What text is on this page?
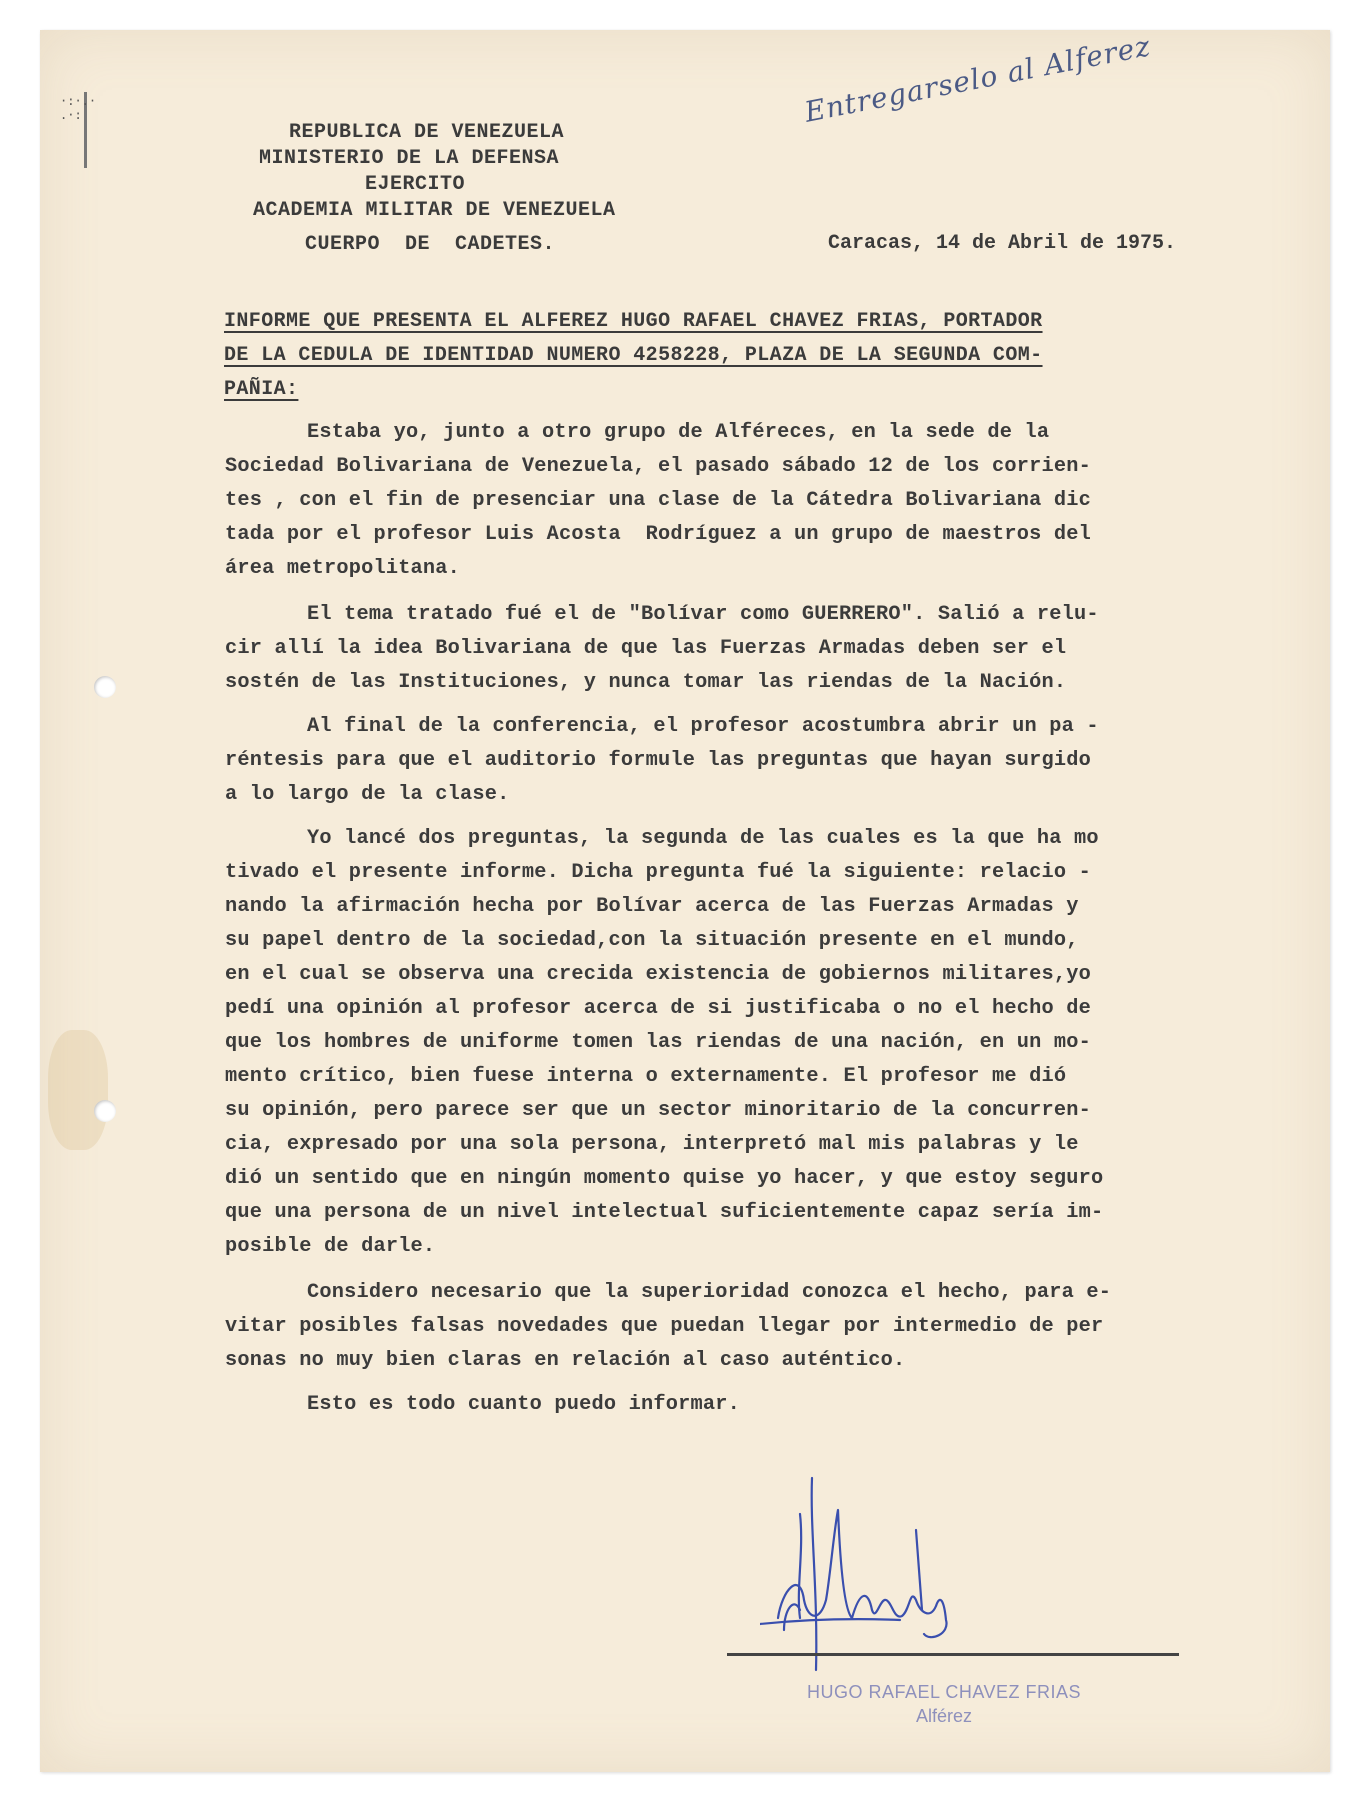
·:·.·
.·:
REPUBLICA DE VENEZUELA
MINISTERIO DE LA DEFENSA
EJERCITO
ACADEMIA MILITAR DE VENEZUELA
CUERPO  DE  CADETES.	Caracas, 14 de Abril de 1975.
Entregarselo al Alferez
INFORME QUE PRESENTA EL ALFEREZ HUGO RAFAEL CHAVEZ FRIAS, PORTADOR
DE LA CEDULA DE IDENTIDAD NUMERO 4258228, PLAZA DE LA SEGUNDA COM-
PAÑIA:
Estaba yo, junto a otro grupo de Alféreces, en la sede de la
Sociedad Bolivariana de Venezuela, el pasado sábado 12 de los corrien-
tes , con el fin de presenciar una clase de la Cátedra Bolivariana dic
tada por el profesor Luis Acosta  Rodríguez a un grupo de maestros del
área metropolitana.
El tema tratado fué el de "Bolívar como GUERRERO". Salió a relu-
cir allí la idea Bolivariana de que las Fuerzas Armadas deben ser el
sostén de las Instituciones, y nunca tomar las riendas de la Nación.
Al final de la conferencia, el profesor acostumbra abrir un pa -
réntesis para que el auditorio formule las preguntas que hayan surgido
a lo largo de la clase.
Yo lancé dos preguntas, la segunda de las cuales es la que ha mo
tivado el presente informe. Dicha pregunta fué la siguiente: relacio -
nando la afirmación hecha por Bolívar acerca de las Fuerzas Armadas y
su papel dentro de la sociedad,con la situación presente en el mundo,
en el cual se observa una crecida existencia de gobiernos militares,yo
pedí una opinión al profesor acerca de si justificaba o no el hecho de
que los hombres de uniforme tomen las riendas de una nación, en un mo-
mento crítico, bien fuese interna o externamente. El profesor me dió
su opinión, pero parece ser que un sector minoritario de la concurren-
cia, expresado por una sola persona, interpretó mal mis palabras y le
dió un sentido que en ningún momento quise yo hacer, y que estoy seguro
que una persona de un nivel intelectual suficientemente capaz sería im-
posible de darle.
Considero necesario que la superioridad conozca el hecho, para e-
vitar posibles falsas novedades que puedan llegar por intermedio de per
sonas no muy bien claras en relación al caso auténtico.
Esto es todo cuanto puedo informar.
HUGO RAFAEL CHAVEZ FRIAS
Alférez
